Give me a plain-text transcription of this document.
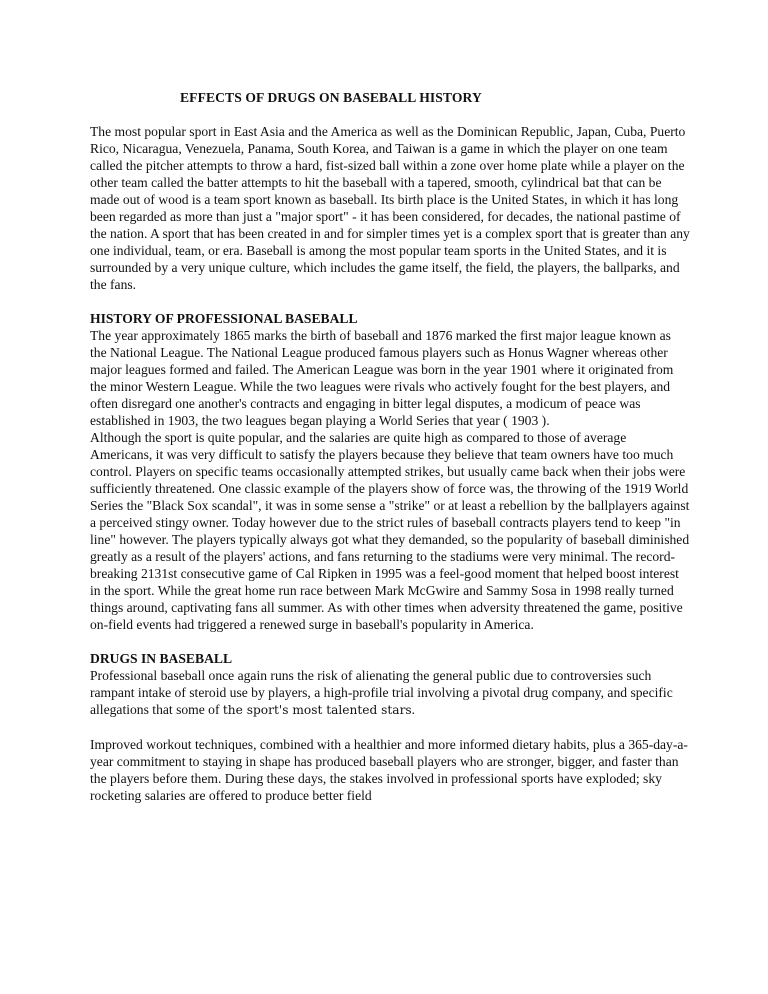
EFFECTS OF DRUGS ON BASEBALL HISTORY

The most popular sport in East Asia and the America as well as the Dominican Republic, Japan, Cuba, Puerto Rico, Nicaragua, Venezuela, Panama, South Korea, and Taiwan is a game in which the player on one team called the pitcher attempts to throw a hard, fist-sized ball within a zone over home plate while a player on the other team called the batter attempts to hit the baseball with a tapered, smooth, cylindrical bat that can be made out of wood is a team sport known as baseball. Its birth place is the United States, in which it has long been regarded as more than just a "major sport" - it has been considered, for decades, the national pastime of the nation. A sport that has been created in and for simpler times yet is a complex sport that is greater than any one individual, team, or era. Baseball is among the most popular team sports in the United States, and it is surrounded by a very unique culture, which includes the game itself, the field, the players, the ballparks, and the fans.

HISTORY OF PROFESSIONAL BASEBALL

The year approximately 1865 marks the birth of baseball and 1876 marked the first major league known as the National League. The National League produced famous players such as Honus Wagner whereas other major leagues formed and failed. The American League was born in the year 1901 where it originated from the minor Western League. While the two leagues were rivals who actively fought for the best players, and often disregard one another's contracts and engaging in bitter legal disputes, a modicum of peace was established in 1903, the two leagues began playing a World Series that year ( 1903 ).

Although the sport is quite popular, and the salaries are quite high as compared to those of average Americans, it was very difficult to satisfy the players because they believe that team owners have too much control. Players on specific teams occasionally attempted strikes, but usually came back when their jobs were sufficiently threatened. One classic example of the players show of force was, the throwing of the 1919 World Series the "Black Sox scandal", it was in some sense a "strike" or at least a rebellion by the ballplayers against a perceived stingy owner. Today however due to the strict rules of baseball contracts players tend to keep "in line" however. The players typically always got what they demanded, so the popularity of baseball diminished greatly as a result of the players' actions, and fans returning to the stadiums were very minimal. The record-breaking 2131st consecutive game of Cal Ripken in 1995 was a feel-good moment that helped boost interest in the sport. While the great home run race between Mark McGwire and Sammy Sosa in 1998 really turned things around, captivating fans all summer. As with other times when adversity threatened the game, positive on-field events had triggered a renewed surge in baseball's popularity in America.

DRUGS IN BASEBALL

Professional baseball once again runs the risk of alienating the general public due to controversies such rampant intake of steroid use by players, a high-profile trial involving a pivotal drug company, and specific allegations that some of the sport's most talented stars.

Improved workout techniques, combined with a healthier and more informed dietary habits, plus a 365-day-a-year commitment to staying in shape has produced baseball players who are stronger, bigger, and faster than the players before them. During these days, the stakes involved in professional sports have exploded; sky rocketing salaries are offered to produce better field
